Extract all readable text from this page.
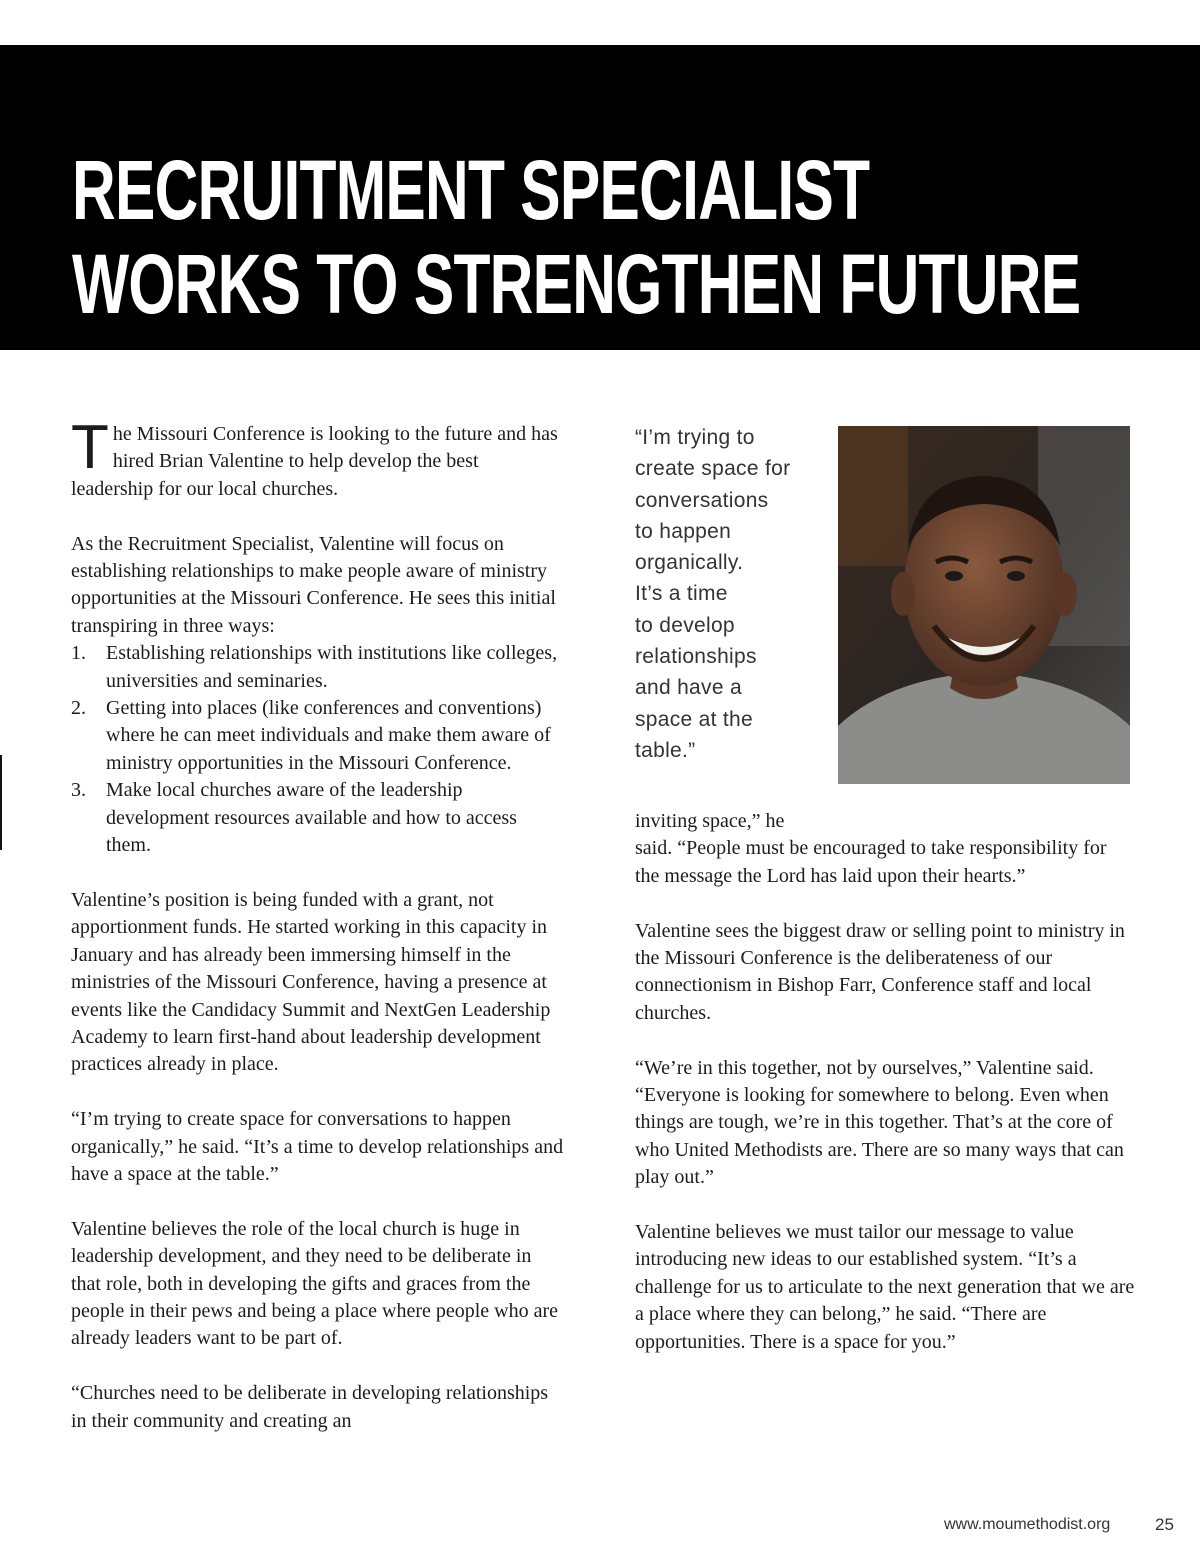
RECRUITMENT SPECIALIST
WORKS TO STRENGTHEN FUTURE

The Missouri Conference is looking to the future and has hired Brian Valentine to help develop the best leadership for our local churches.

As the Recruitment Specialist, Valentine will focus on establishing relationships to make people aware of ministry opportunities at the Missouri Conference. He sees this initial transpiring in three ways:

1. Establishing relationships with institutions like colleges, universities and seminaries.
2. Getting into places (like conferences and conventions) where he can meet individuals and make them aware of ministry opportunities in the Missouri Conference.
3. Make local churches aware of the leadership development resources available and how to access them.

Valentine’s position is being funded with a grant, not apportionment funds. He started working in this capacity in January and has already been immersing himself in the ministries of the Missouri Conference, having a presence at events like the Candidacy Summit and NextGen Leadership Academy to learn first-hand about leadership development practices already in place.

“I’m trying to create space for conversations to happen organically,” he said. “It’s a time to develop relationships and have a space at the table.”

Valentine believes the role of the local church is huge in leadership development, and they need to be deliberate in that role, both in developing the gifts and graces from the people in their pews and being a place where people who are already leaders want to be part of.

“Churches need to be deliberate in developing relationships in their community and creating an

“I’m trying to
create space for
conversations
to happen
organically.
It’s a time
to develop
relationships
and have a
space at the
table.”

inviting space,” he
said. “People must be encouraged to take responsibility for the message the Lord has laid upon their hearts.”

Valentine sees the biggest draw or selling point to ministry in the Missouri Conference is the deliberateness of our connectionism in Bishop Farr, Conference staff and local churches.

“We’re in this together, not by ourselves,” Valentine said. “Everyone is looking for somewhere to belong. Even when things are tough, we’re in this together. That’s at the core of who United Methodists are. There are so many ways that can play out.”

Valentine believes we must tailor our message to value introducing new ideas to our established system. “It’s a challenge for us to articulate to the next generation that we are a place where they can belong,” he said. “There are opportunities. There is a space for you.”

www.moumethodist.org	25
